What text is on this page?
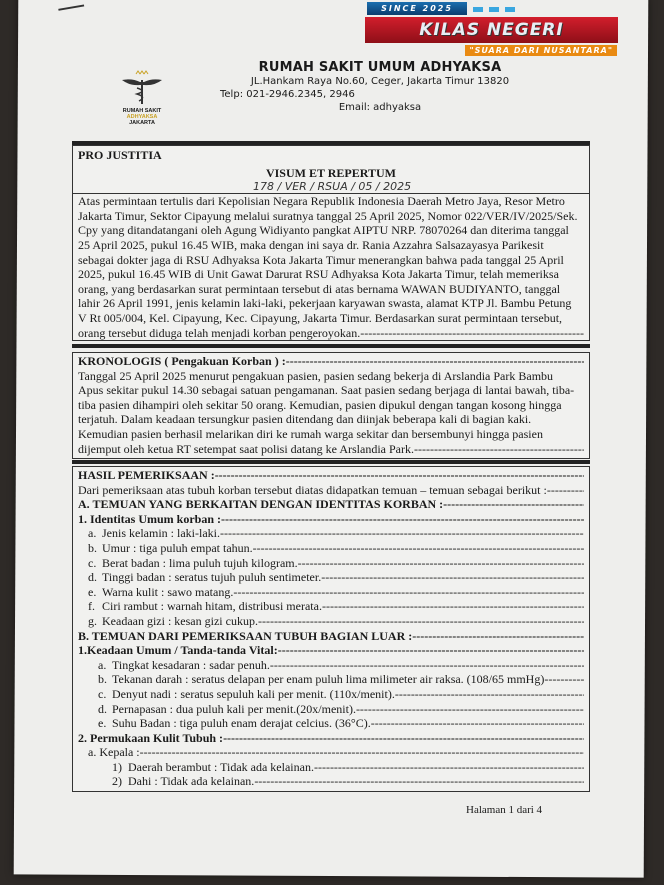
RUMAH SAKIT
ADHYAKSA
JAKARTA
RUMAH SAKIT UMUM ADHYAKSA
JL.Hankam Raya No.60, Ceger, Jakarta Timur 13820
Telp: 021-2946.2345, 2946
Email: adhyaksa
PRO JUSTITIA
VISUM ET REPERTUM
178 / VER / RSUA / 05 / 2025
Atas permintaan tertulis dari Kepolisian Negara Republik Indonesia Daerah Metro Jaya, Resor Metro
Jakarta Timur, Sektor Cipayung melalui suratnya tanggal 25 April 2025, Nomor 022/VER/IV/2025/Sek.
Cpy yang ditandatangani oleh Agung Widiyanto pangkat AIPTU NRP. 78070264 dan diterima tanggal
25 April 2025, pukul 16.45 WIB, maka dengan ini saya dr. Rania Azzahra Salsazayasya Parikesit
sebagai dokter jaga di RSU Adhyaksa Kota Jakarta Timur menerangkan bahwa pada tanggal 25 April
2025, pukul 16.45 WIB di Unit Gawat Darurat RSU Adhyaksa Kota Jakarta Timur, telah memeriksa
orang, yang berdasarkan surat permintaan tersebut di atas bernama WAWAN BUDIYANTO, tanggal
lahir 26 April 1991, jenis kelamin laki-laki, pekerjaan karyawan swasta, alamat KTP Jl. Bambu Petung
V Rt 005/004, Kel. Cipayung, Kec. Cipayung, Jakarta Timur. Berdasarkan surat permintaan tersebut,
orang tersebut diduga telah menjadi korban pengeroyokan.
-----
KRONOLOGIS ( Pengakuan Korban ) :
-----
Tanggal 25 April 2025 menurut pengakuan pasien, pasien sedang bekerja di Arslandia Park Bambu
Apus sekitar pukul 14.30 sebagai satuan pengamanan. Saat pasien sedang berjaga di lantai bawah, tiba-
tiba pasien dihampiri oleh sekitar 50 orang. Kemudian, pasien dipukul dengan tangan kosong hingga
terjatuh. Dalam keadaan tersungkur pasien ditendang dan diinjak beberapa kali di bagian kaki.
Kemudian pasien berhasil melarikan diri ke rumah warga sekitar dan bersembunyi hingga pasien
dijemput oleh ketua RT setempat saat polisi datang ke Arslandia Park.
-----
HASIL PEMERIKSAAN :
-----
Dari pemeriksaan atas tubuh korban tersebut diatas didapatkan temuan – temuan sebagai berikut :
-----
A. TEMUAN YANG BERKAITAN DENGAN IDENTITAS KORBAN :
-----
1. Identitas Umum korban :
-----
a. Jenis kelamin : laki-laki.
-----
b. Umur : tiga puluh empat tahun.
-----
c. Berat badan : lima puluh tujuh kilogram.
-----
d. Tinggi badan : seratus tujuh puluh sentimeter.
-----
e. Warna kulit : sawo matang.
-----
f. Ciri rambut : warnah hitam, distribusi merata.
-----
g. Keadaan gizi : kesan gizi cukup.
-----
B. TEMUAN DARI PEMERIKSAAN TUBUH BAGIAN LUAR :
-----
1.Keadaan Umum / Tanda-tanda Vital:
-----
a. Tingkat kesadaran : sadar penuh.
-----
b. Tekanan darah : seratus delapan per enam puluh lima milimeter air raksa. (108/65 mmHg)
-----
c. Denyut nadi : seratus sepuluh kali per menit. (110x/menit).
-----
d. Pernapasan : dua puluh kali per menit.(20x/menit).
-----
e. Suhu Badan : tiga puluh enam derajat celcius. (36°C).
-----
2. Permukaan Kulit Tubuh :
-----
a. Kepala :
-----
1) Daerah berambut : Tidak ada kelainan.
-----
2) Dahi : Tidak ada kelainan.
-----
Halaman 1 dari 4
SINCE 2025
KILAS NEGERI
"SUARA DARI NUSANTARA"
